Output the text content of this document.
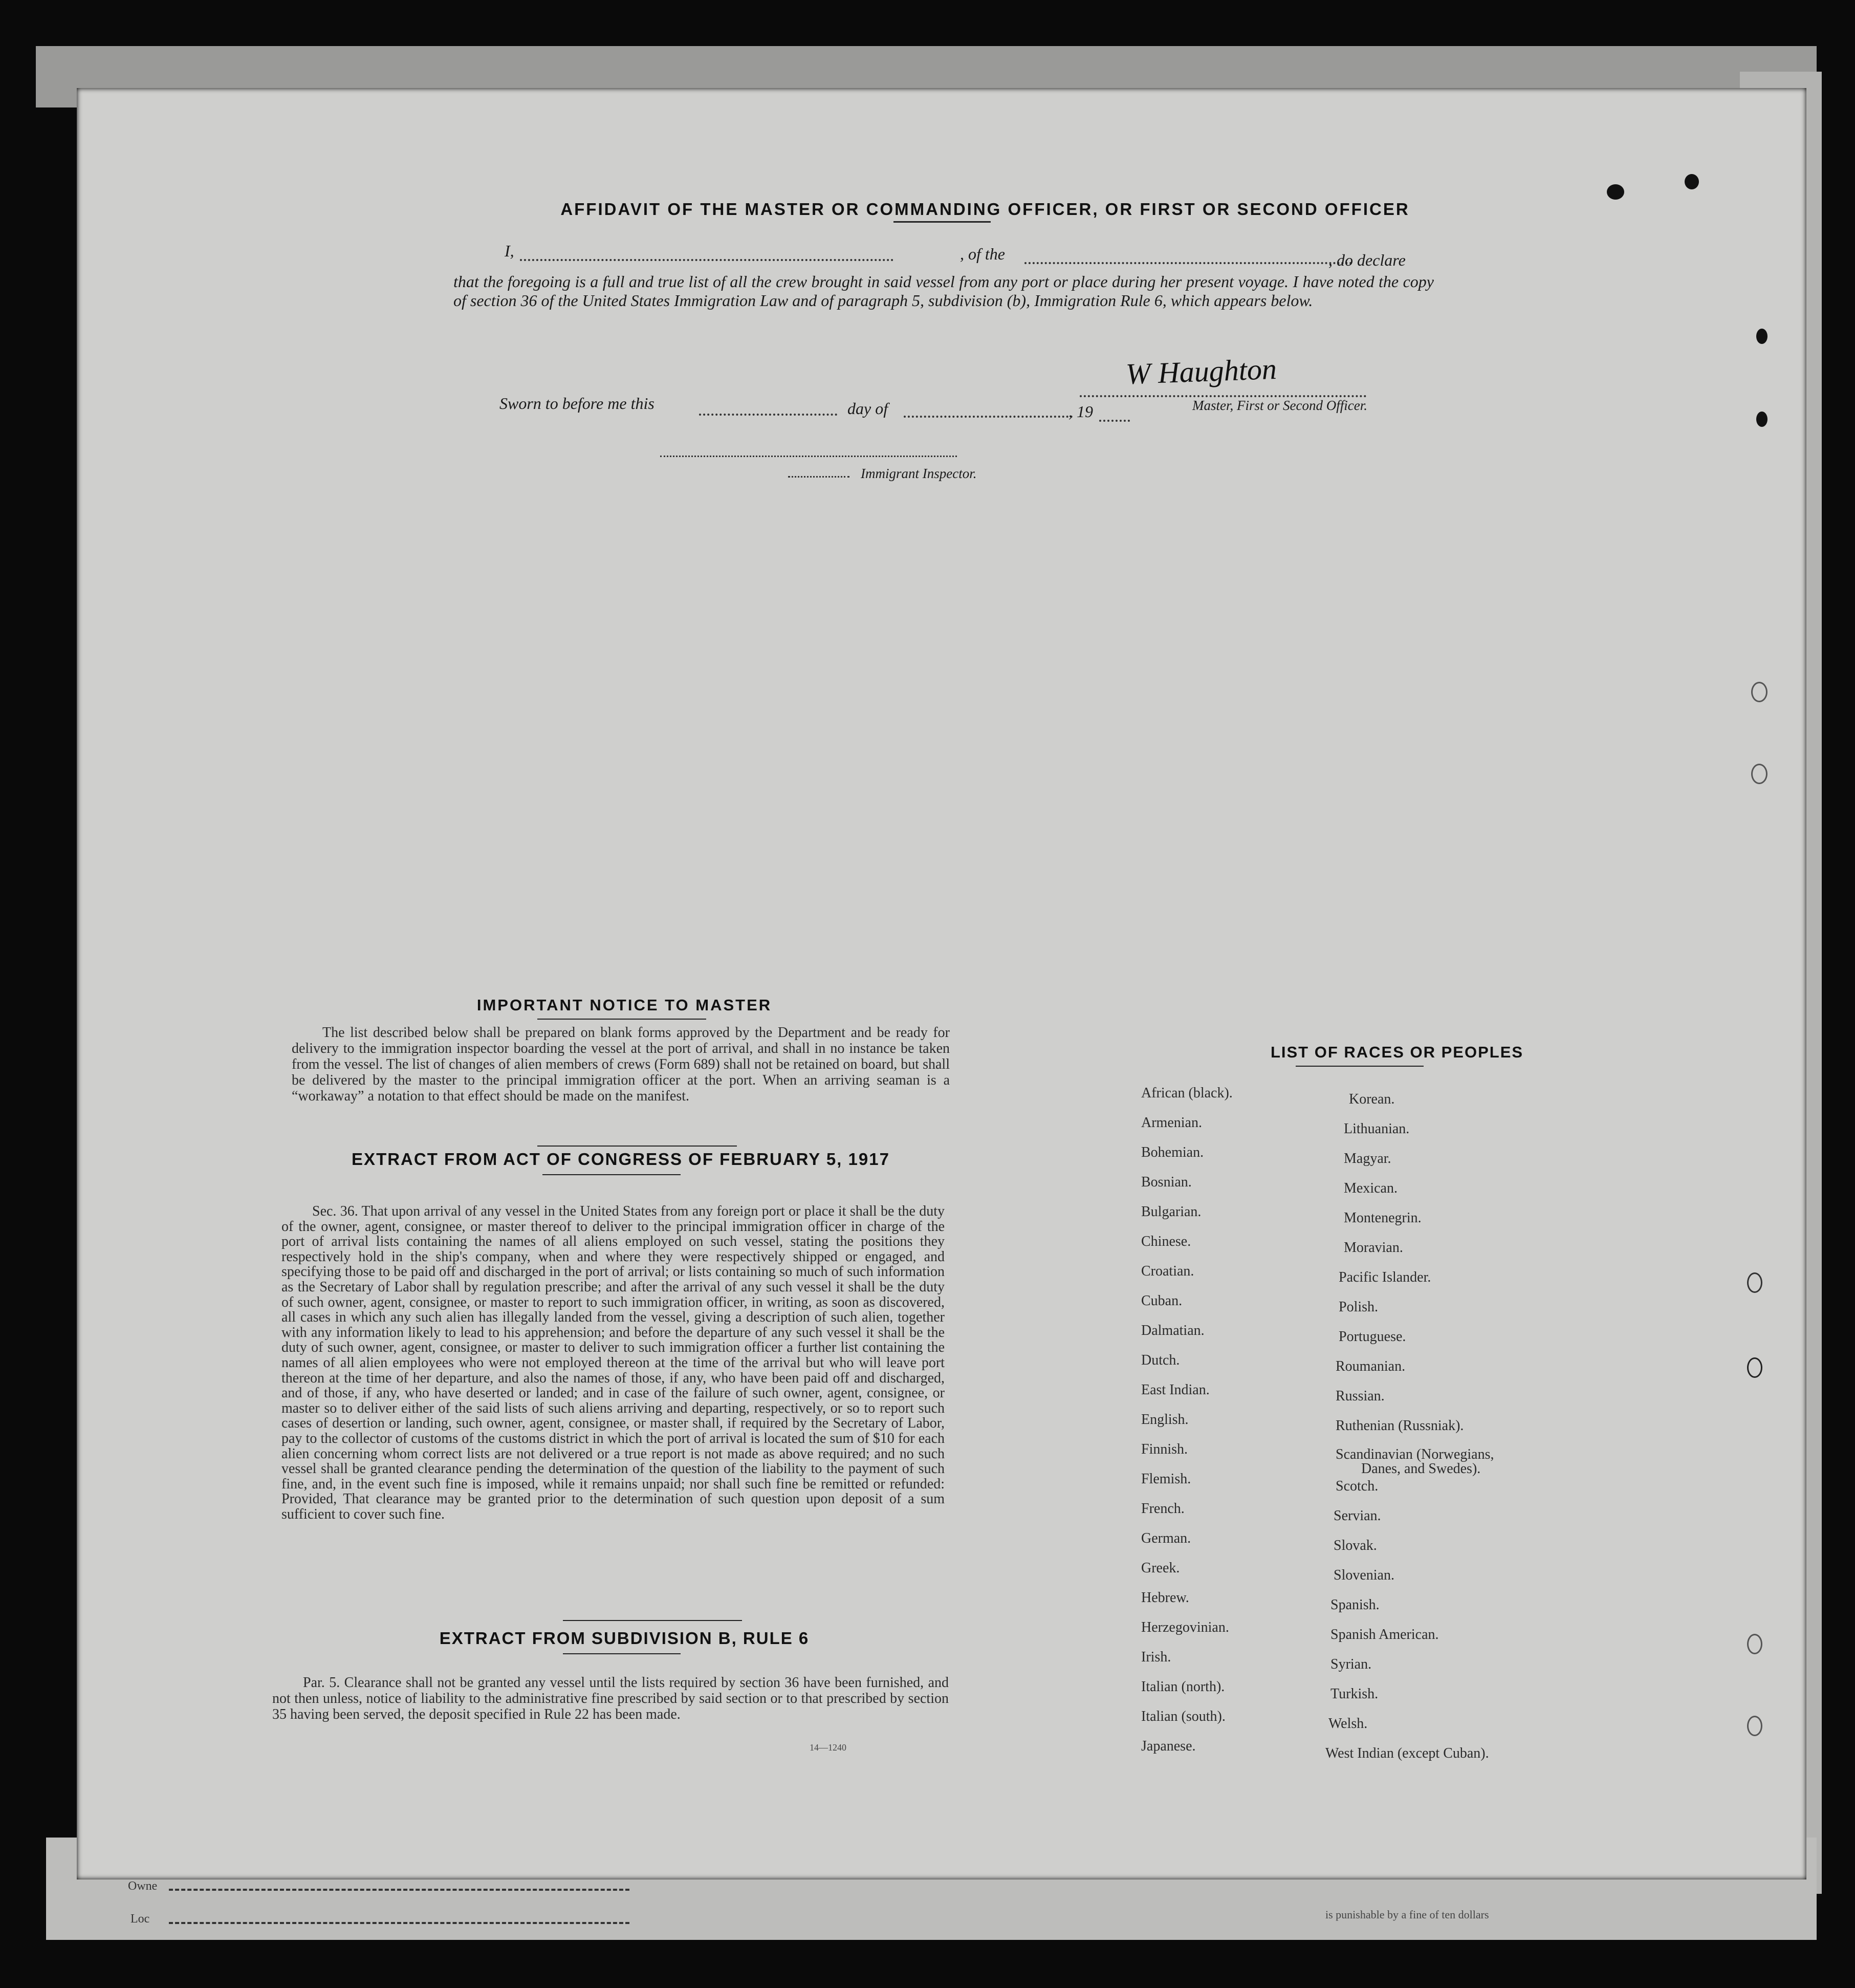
Owne
Loc	is punishable by a fine of ten dollars
AFFIDAVIT OF THE MASTER OR COMMANDING OFFICER, OR FIRST OR SECOND OFFICER
I,	, of the	, do declare
that the foregoing is a full and true list of all the crew brought in said vessel from any port or place during her present voyage. I have noted the copy of section 36 of the United States Immigration Law and of paragraph 5, subdivision (b), Immigration Rule 6, which appears below.
W Haughton
Master, First or Second Officer.
Sworn to before me this	day of	, 19
Immigrant Inspector.
IMPORTANT NOTICE TO MASTER

The list described below shall be prepared on blank forms approved by the Department and be ready for delivery to the immigration inspector boarding the vessel at the port of arrival, and shall in no instance be taken from the vessel. The list of changes of alien members of crews (Form 689) shall not be retained on board, but shall be delivered by the master to the principal immigration officer at the port. When an arriving seaman is a “workaway” a notation to that effect should be made on the manifest.

EXTRACT FROM ACT OF CONGRESS OF FEBRUARY 5, 1917

Sec. 36. That upon arrival of any vessel in the United States from any foreign port or place it shall be the duty of the owner, agent, consignee, or master thereof to deliver to the principal immigration officer in charge of the port of arrival lists containing the names of all aliens employed on such vessel, stating the positions they respectively hold in the ship's company, when and where they were respectively shipped or engaged, and specifying those to be paid off and discharged in the port of arrival; or lists containing so much of such information as the Secretary of Labor shall by regulation prescribe; and after the arrival of any such vessel it shall be the duty of such owner, agent, consignee, or master to report to such immigration officer, in writing, as soon as discovered, all cases in which any such alien has illegally landed from the vessel, giving a description of such alien, together with any information likely to lead to his apprehension; and before the departure of any such vessel it shall be the duty of such owner, agent, consignee, or master to deliver to such immigration officer a further list containing the names of all alien employees who were not employed thereon at the time of the arrival but who will leave port thereon at the time of her departure, and also the names of those, if any, who have been paid off and discharged, and of those, if any, who have deserted or landed; and in case of the failure of such owner, agent, consignee, or master so to deliver either of the said lists of such aliens arriving and departing, respectively, or so to report such cases of desertion or landing, such owner, agent, consignee, or master shall, if required by the Secretary of Labor, pay to the collector of customs of the customs district in which the port of arrival is located the sum of $10 for each alien concerning whom correct lists are not delivered or a true report is not made as above required; and no such vessel shall be granted clearance pending the determination of the question of the liability to the payment of such fine, and, in the event such fine is imposed, while it remains unpaid; nor shall such fine be remitted or refunded: Provided, That clearance may be granted prior to the determination of such question upon deposit of a sum sufficient to cover such fine.

EXTRACT FROM SUBDIVISION B, RULE 6

Par. 5. Clearance shall not be granted any vessel until the lists required by section 36 have been furnished, and not then unless, notice of liability to the administrative fine prescribed by said section or to that prescribed by section 35 having been served, the deposit specified in Rule 22 has been made.

14—1240
LIST OF RACES OR PEOPLES
African (black).
Armenian.
Bohemian.
Bosnian.
Bulgarian.
Chinese.
Croatian.
Cuban.
Dalmatian.
Dutch.
East Indian.
English.
Finnish.
Flemish.
French.
German.
Greek.
Hebrew.
Herzegovinian.
Irish.
Italian (north).
Italian (south).
Japanese.
Korean.
Lithuanian.
Magyar.
Mexican.
Montenegrin.
Moravian.
Pacific Islander.
Polish.
Portuguese.
Roumanian.
Russian.
Ruthenian (Russniak).
Scandinavian (Norwegians,
Danes, and Swedes).
Scotch.
Servian.
Slovak.
Slovenian.
Spanish.
Spanish American.
Syrian.
Turkish.
Welsh.
West Indian (except Cuban).
